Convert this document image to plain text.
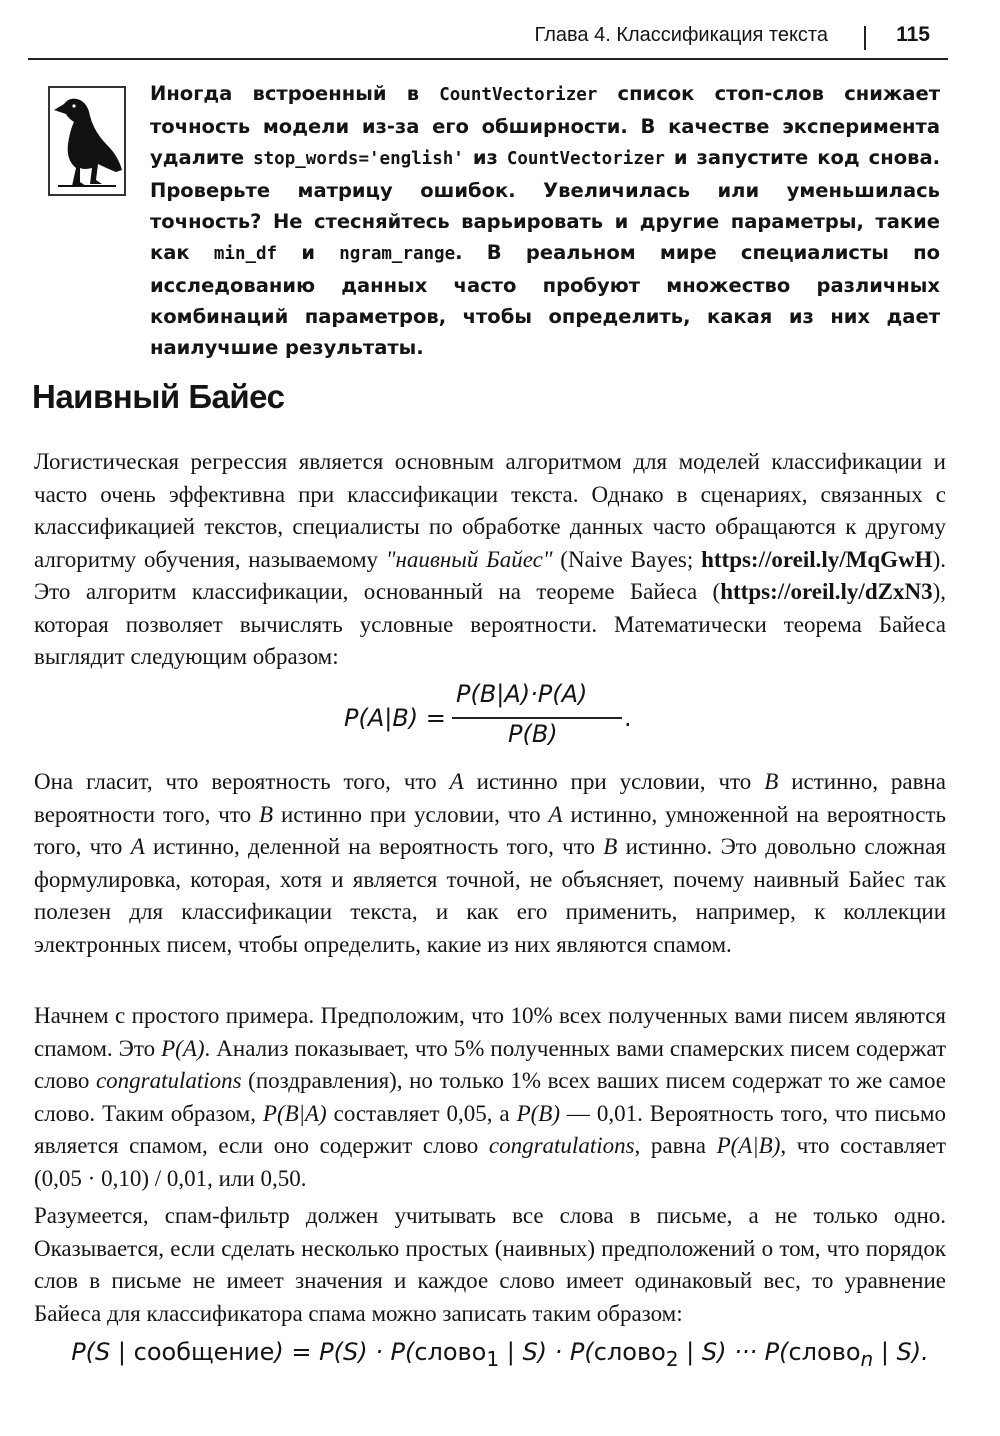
Глава 4. Классификация текста	115

Иногда встроенный в CountVectorizer список стоп-слов снижает точность модели из-за его обширности. В качестве эксперимента удалите stop_words='english' из CountVectorizer и запустите код снова. Проверьте матрицу ошибок. Увеличилась или уменьшилась точность? Не стесняйтесь варьировать и другие параметры, такие как min_df и ngram_range. В реальном мире специалисты по исследованию данных часто пробуют множество различных комбинаций параметров, чтобы определить, какая из них дает наилучшие результаты.

Наивный Байес

Логистическая регрессия является основным алгоритмом для моделей классификации и часто очень эффективна при классификации текста. Однако в сценариях, связанных с классификацией текстов, специалисты по обработке данных часто обращаются к другому алгоритму обучения, называемому "наивный Байес" (Naive Bayes; https://oreil.ly/MqGwH). Это алгоритм классификации, основанный на теореме Байеса (https://oreil.ly/dZxN3), которая позволяет вычислять условные вероятности. Математически теорема Байеса выглядит следующим образом:

P(A|B) =
P(B|A)·P(A)
P(B)
.

Она гласит, что вероятность того, что A истинно при условии, что B истинно, равна вероятности того, что B истинно при условии, что A истинно, умноженной на вероятность того, что A истинно, деленной на вероятность того, что B истинно. Это довольно сложная формулировка, которая, хотя и является точной, не объясняет, почему наивный Байес так полезен для классификации текста, и как его применить, например, к коллекции электронных писем, чтобы определить, какие из них являются спамом.

Начнем с простого примера. Предположим, что 10% всех полученных вами писем являются спамом. Это P(A). Анализ показывает, что 5% полученных вами спамерских писем содержат слово congratulations (поздравления), но только 1% всех ваших писем содержат то же самое слово. Таким образом, P(B|A) составляет 0,05, а P(B) — 0,01. Вероятность того, что письмо является спамом, если оно содержит слово congratulations, равна P(A|B), что составляет (0,05 · 0,10) / 0,01, или 0,50.

Разумеется, спам-фильтр должен учитывать все слова в письме, а не только одно. Оказывается, если сделать несколько простых (наивных) предположений о том, что порядок слов в письме не имеет значения и каждое слово имеет одинаковый вес, то уравнение Байеса для классификатора спама можно записать таким образом:

P(S | сообщение) = P(S) · P(слово$_1$ | S) · P(слово$_2$ | S) ··· P(слово$_n$ | S).
